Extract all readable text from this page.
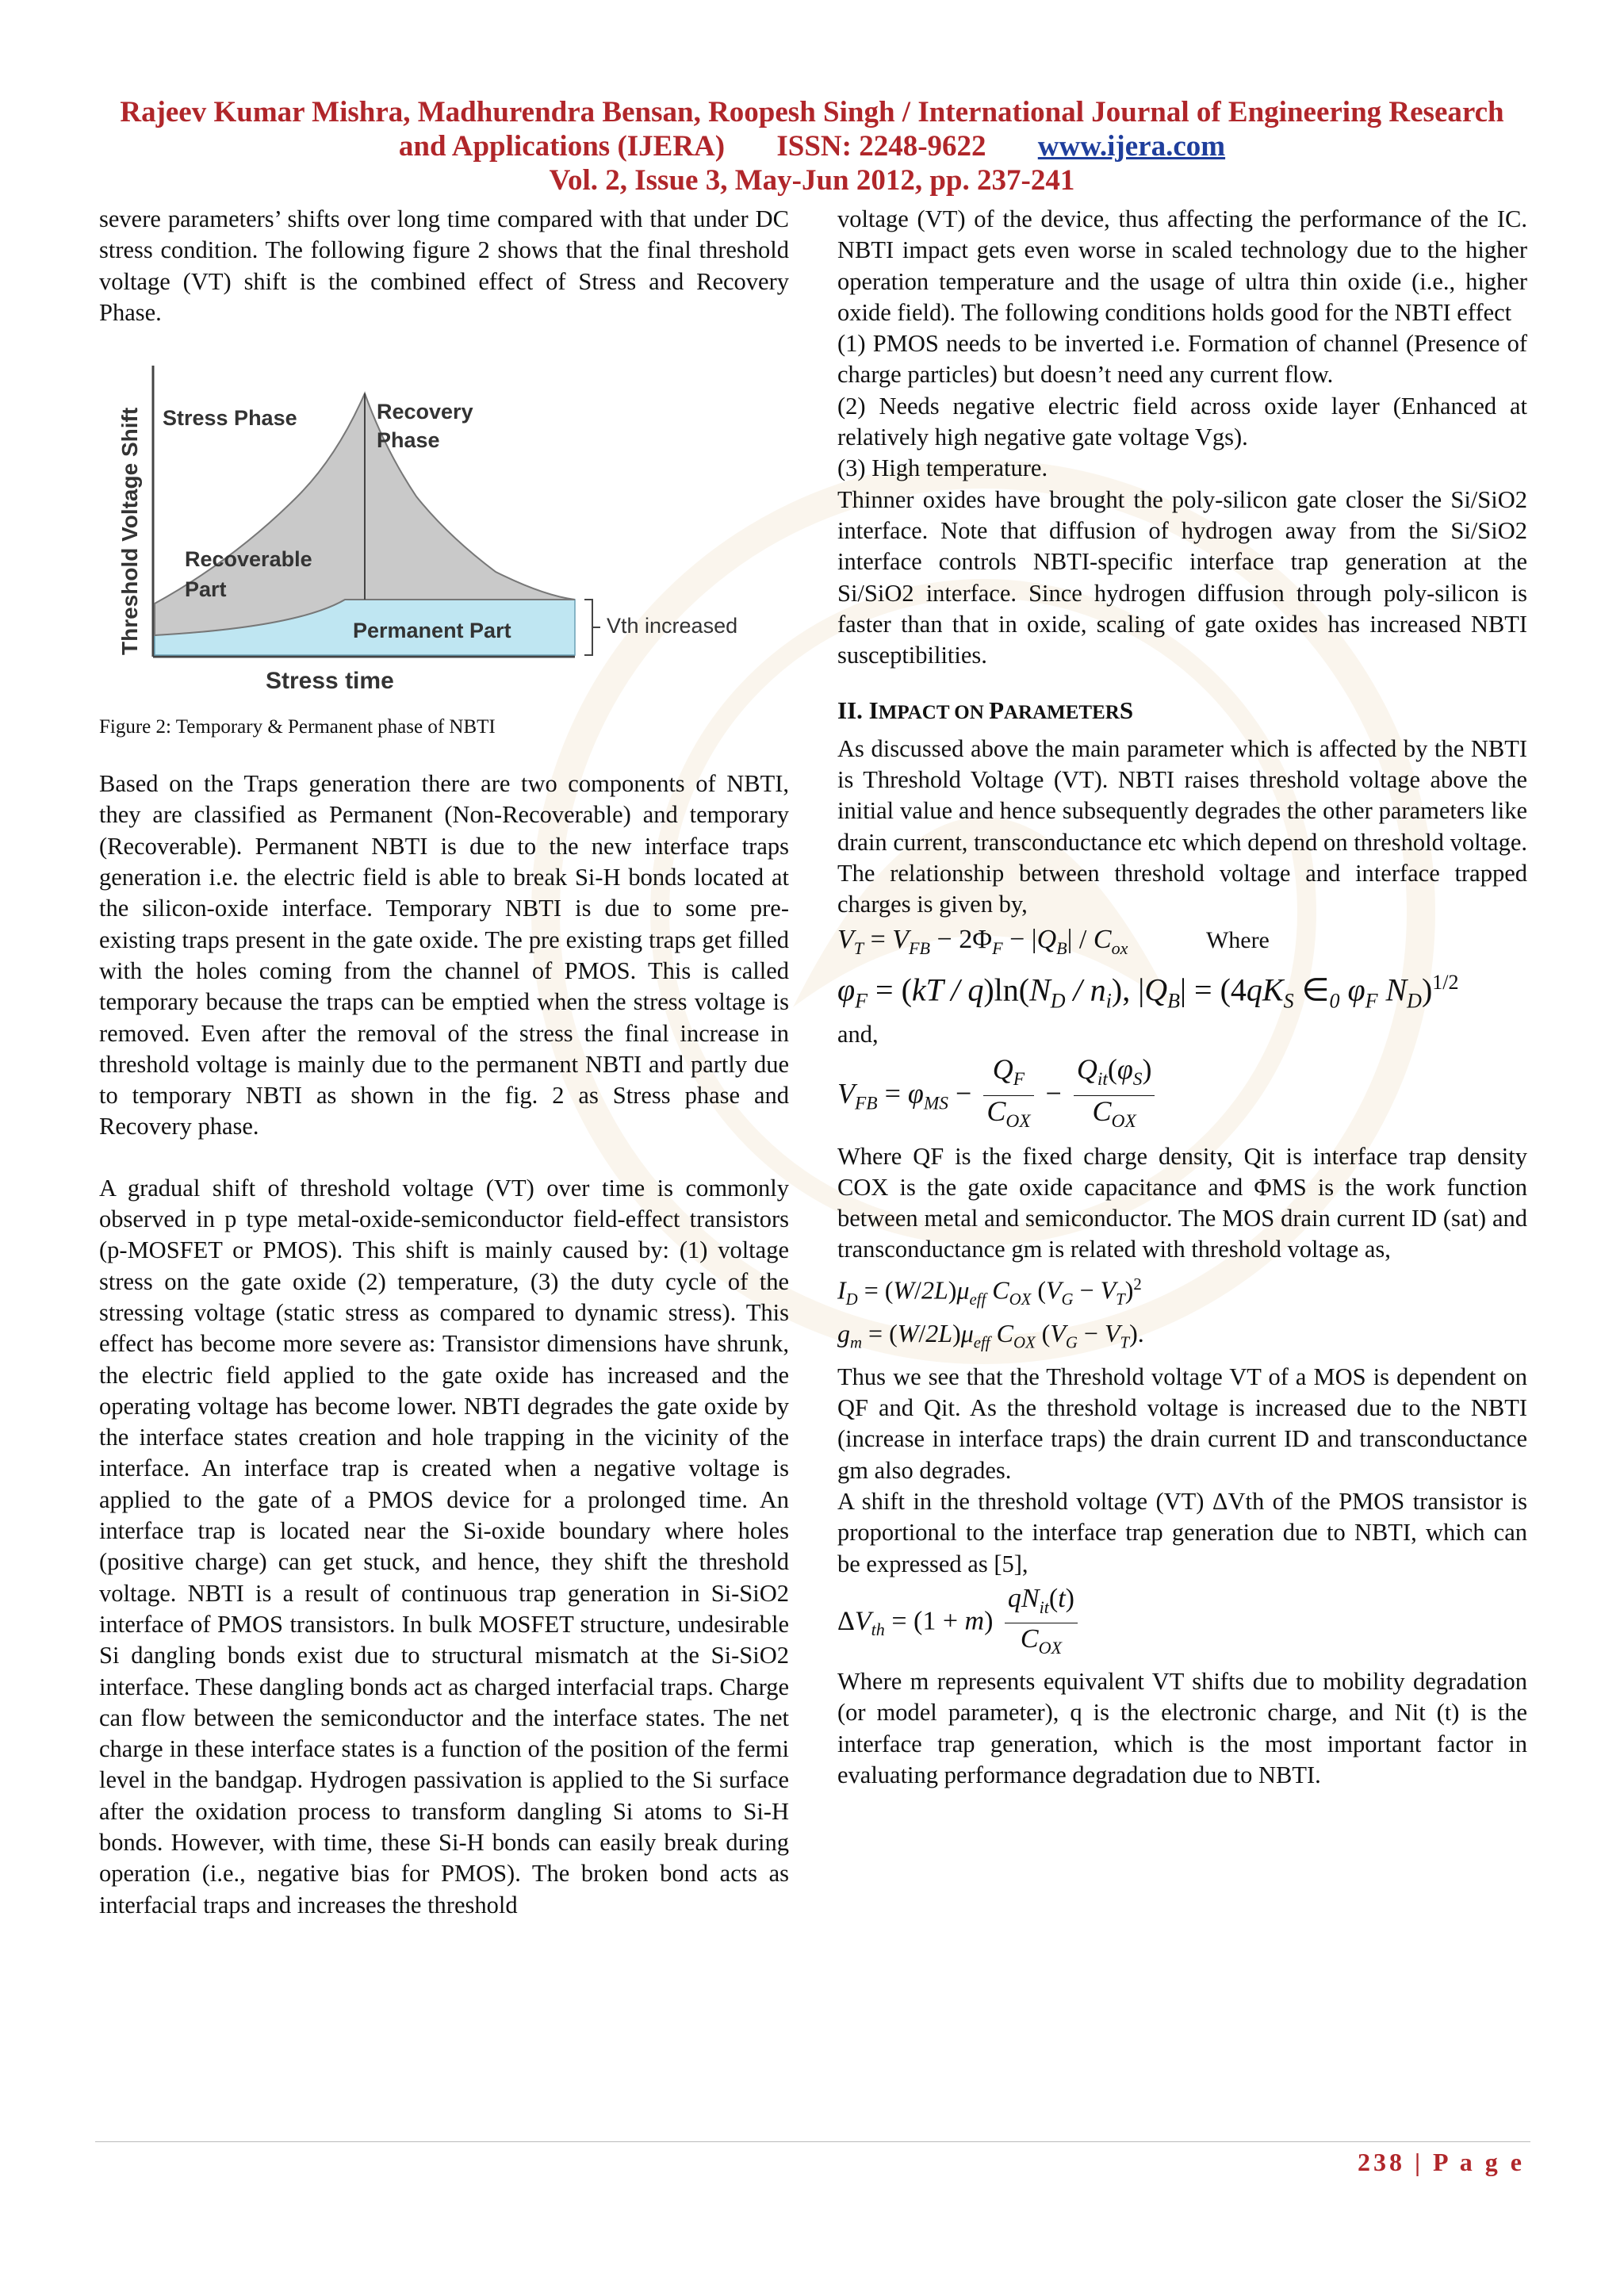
Rajeev Kumar Mishra, Madhurendra Bensan, Roopesh Singh / International Journal of Engineering Research
and Applications (IJERA) ISSN: 2248-9622 www.ijera.com
Vol. 2, Issue 3, May-Jun 2012, pp. 237-241

severe parameters’ shifts over long time compared with that under DC stress condition. The following figure 2 shows that the final threshold voltage (VT) shift is the combined effect of Stress and Recovery Phase.

Stress Phase	Recovery
Phase
Recoverable
Part
Permanent Part	Vth increased
Stress time
Threshold Voltage Shift
Figure 2: Temporary & Permanent phase of NBTI

Based on the Traps generation there are two components of NBTI, they are classified as Permanent (Non-Recoverable) and temporary (Recoverable). Permanent NBTI is due to the new interface traps generation i.e. the electric field is able to break Si-H bonds located at the silicon-oxide interface. Temporary NBTI is due to some pre-existing traps present in the gate oxide. The pre existing traps get filled with the holes coming from the channel of PMOS. This is called temporary because the traps can be emptied when the stress voltage is removed. Even after the removal of the stress the final increase in threshold voltage is mainly due to the permanent NBTI and partly due to temporary NBTI as shown in the fig. 2 as Stress phase and Recovery phase.

A gradual shift of threshold voltage (VT) over time is commonly observed in p type metal-oxide-semiconductor field-effect transistors (p-MOSFET or PMOS). This shift is mainly caused by: (1) voltage stress on the gate oxide (2) temperature, (3) the duty cycle of the stressing voltage (static stress as compared to dynamic stress). This effect has become more severe as: Transistor dimensions have shrunk, the electric field applied to the gate oxide has increased and the operating voltage has become lower. NBTI degrades the gate oxide by the interface states creation and hole trapping in the vicinity of the interface. An interface trap is created when a negative voltage is applied to the gate of a PMOS device for a prolonged time. An interface trap is located near the Si-oxide boundary where holes (positive charge) can get stuck, and hence, they shift the threshold voltage. NBTI is a result of continuous trap generation in Si-SiO2 interface of PMOS transistors. In bulk MOSFET structure, undesirable Si dangling bonds exist due to structural mismatch at the Si-SiO2 interface. These dangling bonds act as charged interfacial traps. Charge can flow between the semiconductor and the interface states. The net charge in these interface states is a function of the position of the fermi level in the bandgap. Hydrogen passivation is applied to the Si surface after the oxidation process to transform dangling Si atoms to Si-H bonds. However, with time, these Si-H bonds can easily break during operation (i.e., negative bias for PMOS). The broken bond acts as interfacial traps and increases the threshold

voltage (VT) of the device, thus affecting the performance of the IC. NBTI impact gets even worse in scaled technology due to the higher operation temperature and the usage of ultra thin oxide (i.e., higher oxide field). The following conditions holds good for the NBTI effect

(1) PMOS needs to be inverted i.e. Formation of channel (Presence of charge particles) but doesn’t need any current flow.

(2) Needs negative electric field across oxide layer (Enhanced at relatively high negative gate voltage Vgs).

(3) High temperature.

Thinner oxides have brought the poly-silicon gate closer the Si/SiO2 interface. Note that diffusion of hydrogen away from the Si/SiO2 interface controls NBTI-specific interface trap generation at the Si/SiO2 interface. Since hydrogen diffusion through poly-silicon is faster than that in oxide, scaling of gate oxides has increased NBTI susceptibilities.

II. IMPACT ON PARAMETERS

As discussed above the main parameter which is affected by the NBTI is Threshold Voltage (VT). NBTI raises threshold voltage above the initial value and hence subsequently degrades the other parameters like drain current, transconductance etc which depend on threshold voltage. The relationship between threshold voltage and interface trapped charges is given by,

$V_T = V_{FB} - 2\Phi_F - |Q_B| / C_{ox}$	Where
$\varphi_F = (kT / q)\ln(N_D / n_i)$, $|Q_B| = (4qK_S$ $\in_0$ $\varphi_F$ $N_D)^{1/2}$

and,

$V_{FB} = \varphi_{MS} - \frac{Q_F}{C_{OX}} - \frac{Q_{it}(\varphi_S)}{C_{OX}}$

Where QF is the fixed charge density, Qit is interface trap density COX is the gate oxide capacitance and ΦMS is the work function between metal and semiconductor. The MOS drain current ID (sat) and transconductance gm is related with threshold voltage as,

$I_D = (W/2L)\mu_{eff}$ $C_{OX}$ $(V_G - V_T)^2$
$g_m = (W/2L)\mu_{eff}$ $C_{OX}$ $(V_G - V_T)$.

Thus we see that the Threshold voltage VT of a MOS is dependent on QF and Qit. As the threshold voltage is increased due to the NBTI (increase in interface traps) the drain current ID and transconductance gm also degrades.

A shift in the threshold voltage (VT) ΔVth of the PMOS transistor is proportional to the interface trap generation due to NBTI, which can be expressed as [5],

$\Delta V_{th} = (1 + m) \frac{qN_{it}(t)}{C_{OX}}$

Where m represents equivalent VT shifts due to mobility degradation (or model parameter), q is the electronic charge, and Nit (t) is the interface trap generation, which is the most important factor in evaluating performance degradation due to NBTI.

238 | P a g e
